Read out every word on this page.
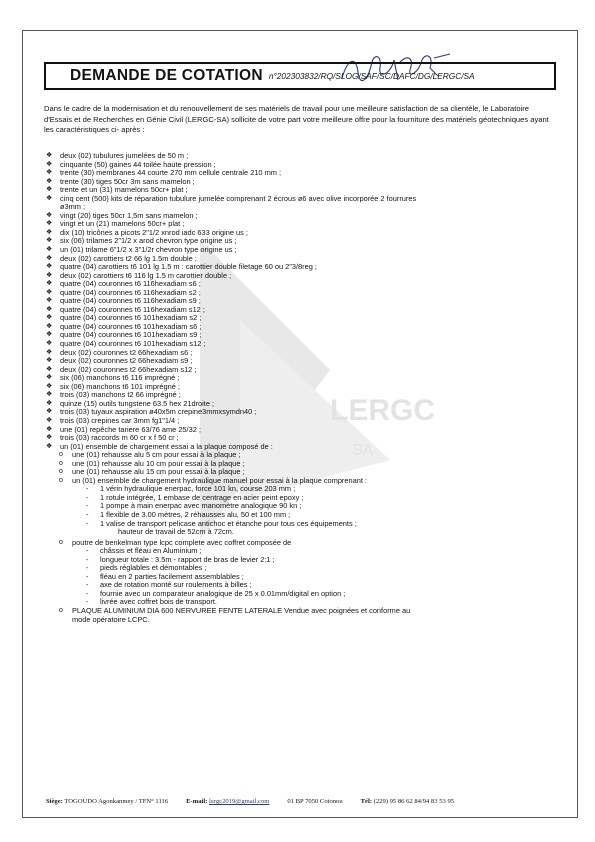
LERGC
SA
DEMANDE DE COTATION n°202303832/RQ/SLOG/SAF/SC/DAFC/DG/LERGC/SA

Dans le cadre de la modernisation et du renouvellement de ses matériels de travail pour une meilleure satisfaction de sa clientèle, le Laboratoire d'Essais et de Recherches en Génie Civil (LERGC-SA) sollicite de votre part votre meilleure offre pour la fourniture des matériels géotechniques ayant les caractéristiques ci- après :

❖ deux (02) tubulures jumelées de 50 m ;
❖ cinquante (50) gaines 44 toilée haute pression ;
❖ trente (30) membranes 44 courte 270 mm cellule centrale 210 mm ;
❖ trente (30) tiges 50cr 3m sans mamelon ;
❖ trente et un (31) mamelons 50cr+ plat ;
❖ cinq cent (500) kits de réparation tubulure jumelée comprenant 2 écrous ø6 avec olive incorporée 2 fourrures
ø3mm ;
❖ vingt (20) tiges 50cr 1,5m sans mamelon ;
❖ vingt et un (21) mamelons 50cr+ plat ;
❖ dix (10) tricônes a picots 2"1/2 xnrod iadc 633 origine us ;
❖ six (06) trilames 2"1/2 x arod chevron type origine us ;
❖ un (01) trilame 6"1/2 x 3"1/2r chevron type origine us ;
❖ deux (02) carottiers t2 66 lg 1.5m double ;
❖ quatre (04) carottiers t6 101 lg 1.5 m : carottier double filetage 60 ou 2"3/8reg ;
❖ deux (02) carottiers t6 116 lg 1.5 m carottier double ;
❖ quatre (04) couronnes t6 116hexadiam s6 ;
❖ quatre (04) couronnes t6 116hexadiam s2 ;
❖ quatre (04) couronnes t6 116hexadiam s9 ;
❖ quatre (04) couronnes t6 116hexadiam s12 ;
❖ quatre (04) couronnes t6 101hexadiam s2 ;
❖ quatre (04) couronnes t6 101hexadiam s6 ;
❖ quatre (04) couronnes t6 101hexadiam s9 ;
❖ quatre (04) couronnes t6 101hexadiam s12 ;
❖ deux (02) couronnes t2 66hexadiam s6 ;
❖ deux (02) couronnes t2 66hexadiam s9 ;
❖ deux (02) couronnes t2 66hexadiam s12 ;
❖ six (06) manchons t6 116 imprégné ;
❖ six (06) manchons t6 101 imprégné ;
❖ trois (03) manchons t2 66 imprégné ;
❖ quinze (15) outils tungstene 63.5 hex 21droite ;
❖ trois (03) tuyaux aspiration ø40x5m crepine3mmxsymdn40 ;
❖ trois (03) crepines car 3mm fg1"1/4 ;
❖ une (01) repêche tariere 63/76 ame 25/32 ;
❖ trois (03) raccords m 60 cr x f 50 cr ;
❖ un (01) ensemble de chargement essai a la plaque composé de :
o une (01) rehausse alu 5 cm pour essai à la plaque ;
o une (01) rehausse alu 10 cm pour essai à la plaque ;
o une (01) rehausse alu 15 cm pour essai à la plaque ;
o un (01) ensemble de chargement hydraulique manuel pour essai à la plaque comprenant :
- 1 vérin hydraulique enerpac, force 101 kn, course 203 mm ;
- 1 rotule intégrée, 1 embase de centrage en acier peint epoxy ;
- 1 pompe à main enerpac avec manomètre analogique 90 kn ;
- 1 flexible de 3.00 mètres, 2 réhausses alu, 50 et 100 mm ;
- 1 valise de transport pelicase antichoc et étanche pour tous ces équipements ;
hauteur de travail de 52cm à 72cm.
o poutre de benkelman type lcpc complete avec coffret composée de
- châssis et fléau en Aluminium ;
- longueur totale : 3.5m - rapport de bras de levier 2:1 ;
- pieds réglables et démontables ;
- fléau en 2 parties facilement assemblables ;
- axe de rotation monté sur roulements à billes ;
- fournie avec un comparateur analogique de 25 x 0.01mm/digital en option ;
- livrée avec coffret bois de transport.
o PLAQUE ALUMINIUM DIA 600 NERVUREE FENTE LATERALE Vendue avec poignées et conforme au
mode opératoire LCPC.
Siège: TOGOUDO Agonkanmey / TFN° 1116	E-mail: lergc2019@gmail.com	01 BP 7050 Cotonou	Tél: (229) 95 86 62 84/94 83 53 95
